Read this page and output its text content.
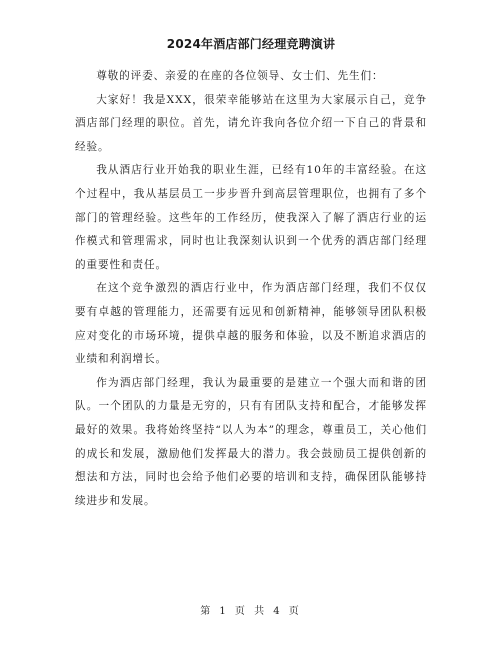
2024年酒店部门经理竞聘演讲

尊敬的评委、亲爱的在座的各位领导、女士们、先生们：

大家好！我是XXX，很荣幸能够站在这里为大家展示自己，竞争酒店部门经理的职位。首先，请允许我向各位介绍一下自己的背景和经验。

我从酒店行业开始我的职业生涯，已经有10年的丰富经验。在这个过程中，我从基层员工一步步晋升到高层管理职位，也拥有了多个部门的管理经验。这些年的工作经历，使我深入了解了酒店行业的运作模式和管理需求，同时也让我深刻认识到一个优秀的酒店部门经理的重要性和责任。

在这个竞争激烈的酒店行业中，作为酒店部门经理，我们不仅仅要有卓越的管理能力，还需要有远见和创新精神，能够领导团队积极应对变化的市场环境，提供卓越的服务和体验，以及不断追求酒店的业绩和利润增长。

作为酒店部门经理，我认为最重要的是建立一个强大而和谐的团队。一个团队的力量是无穷的，只有有团队支持和配合，才能够发挥最好的效果。我将始终坚持“以人为本”的理念，尊重员工，关心他们的成长和发展，激励他们发挥最大的潜力。我会鼓励员工提供创新的想法和方法，同时也会给予他们必要的培训和支持，确保团队能够持续进步和发展。

第 1 页 共 4 页
